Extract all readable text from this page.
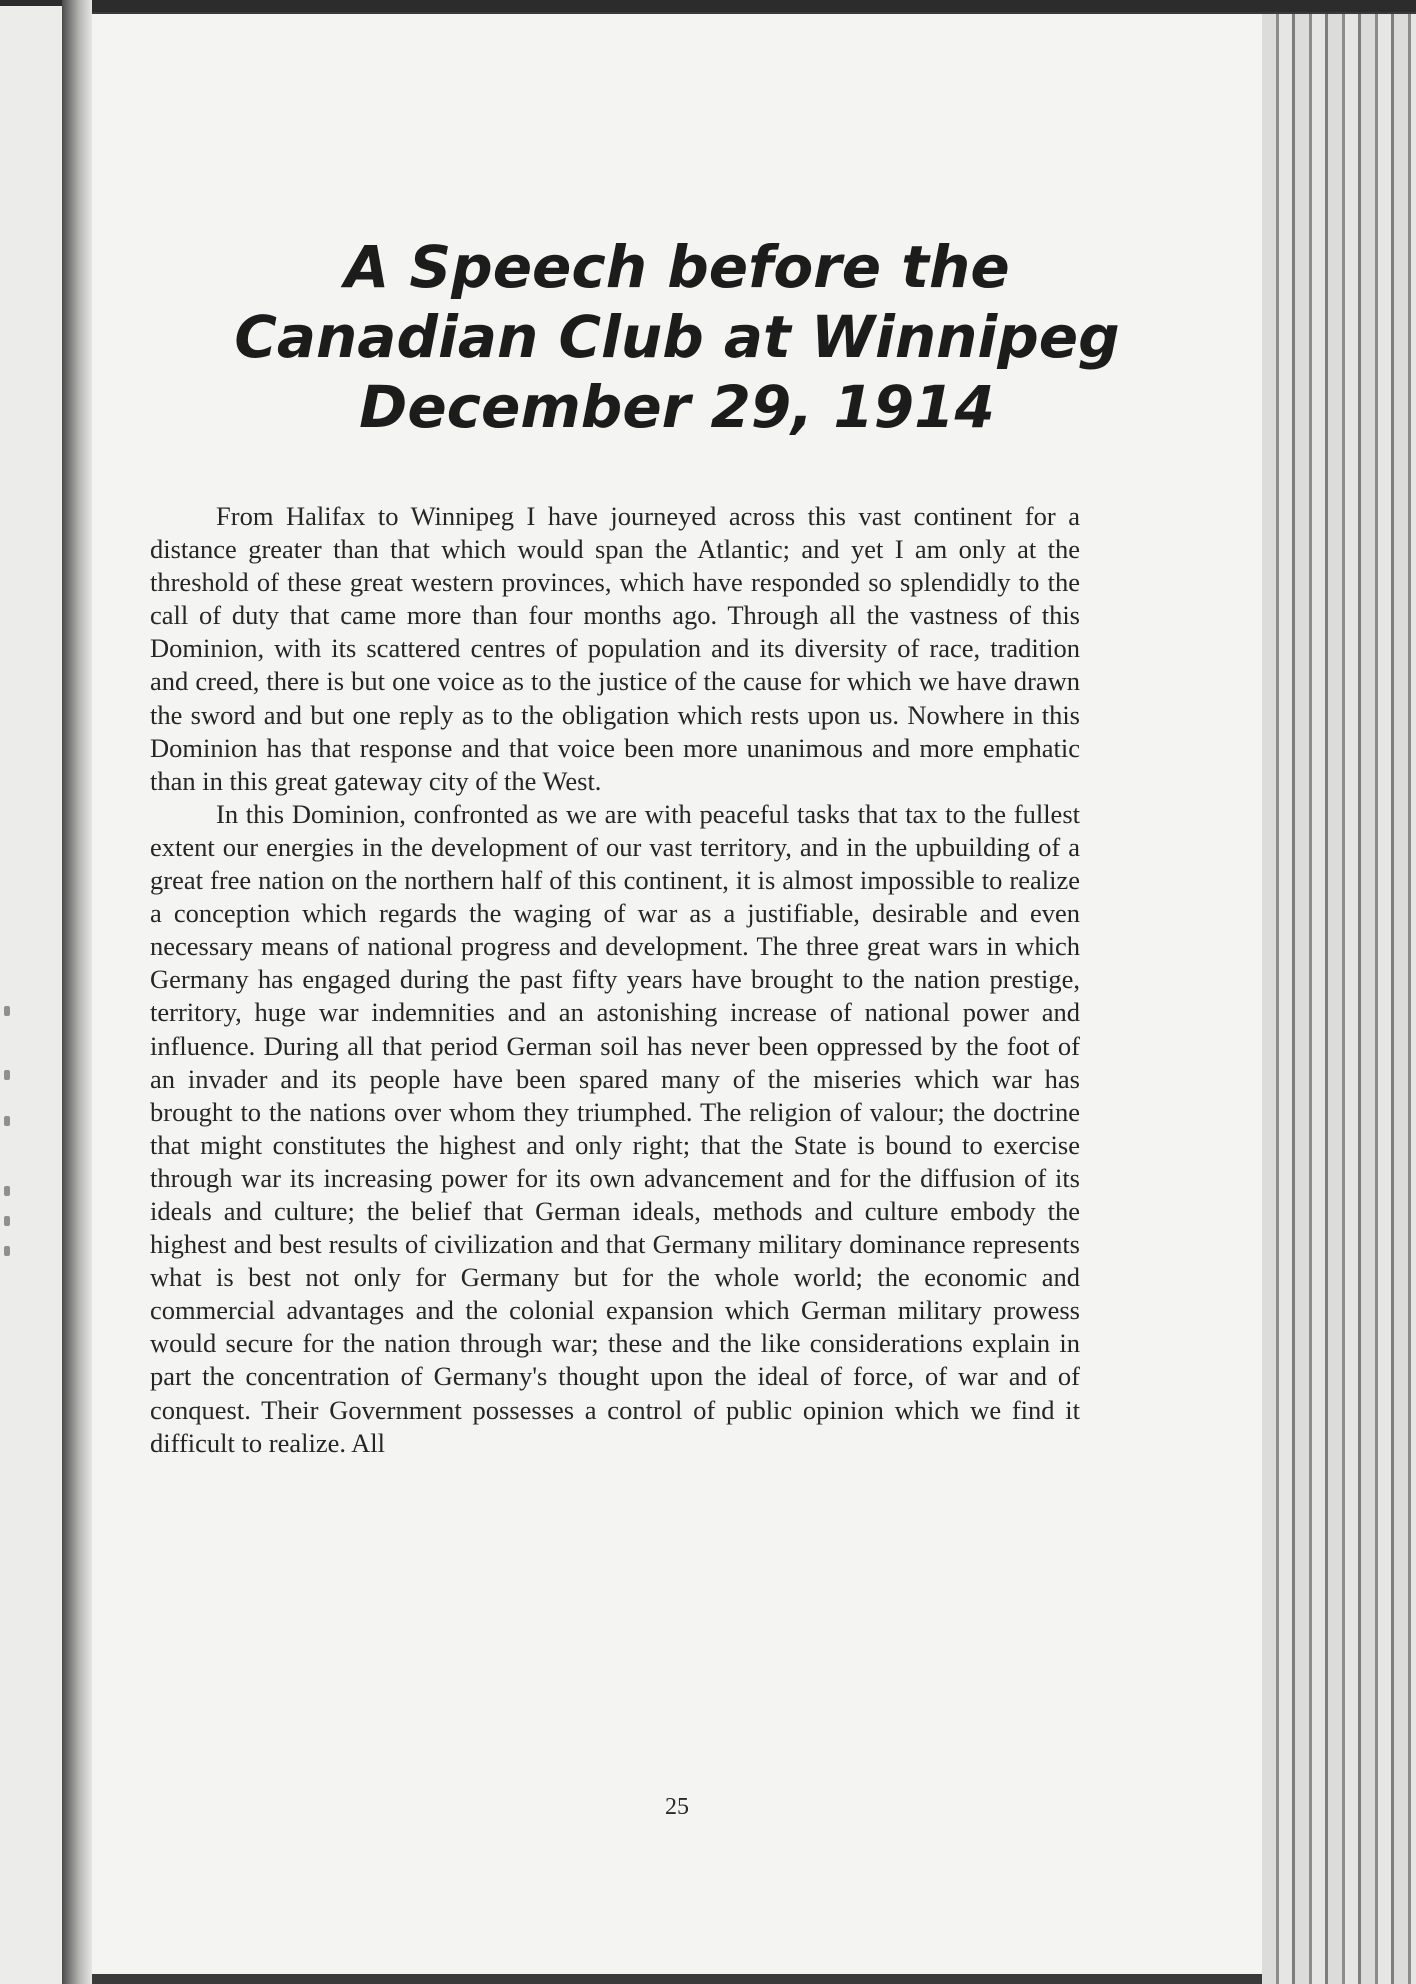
A Speech before the
Canadian Club at Winnipeg
December 29, 1914

From Halifax to Winnipeg I have journeyed across this vast continent for a distance greater than that which would span the Atlantic; and yet I am only at the threshold of these great western provinces, which have responded so splendidly to the call of duty that came more than four months ago. Through all the vastness of this Dominion, with its scattered centres of population and its diversity of race, tradition and creed, there is but one voice as to the justice of the cause for which we have drawn the sword and but one reply as to the obligation which rests upon us. Nowhere in this Dominion has that response and that voice been more unanimous and more emphatic than in this great gateway city of the West.

In this Dominion, confronted as we are with peaceful tasks that tax to the fullest extent our energies in the development of our vast territory, and in the upbuilding of a great free nation on the northern half of this continent, it is almost impossible to realize a conception which regards the waging of war as a justifiable, desirable and even necessary means of national progress and development. The three great wars in which Germany has engaged during the past fifty years have brought to the nation prestige, territory, huge war indemnities and an astonishing increase of national power and influence. During all that period German soil has never been oppressed by the foot of an invader and its people have been spared many of the miseries which war has brought to the nations over whom they triumphed. The religion of valour; the doctrine that might constitutes the highest and only right; that the State is bound to exercise through war its increasing power for its own advancement and for the diffusion of its ideals and culture; the belief that German ideals, methods and culture embody the highest and best results of civilization and that Germany military dominance represents what is best not only for Germany but for the whole world; the economic and commercial advantages and the colonial expansion which German military prowess would secure for the nation through war; these and the like considerations explain in part the concentration of Germany's thought upon the ideal of force, of war and of conquest. Their Government possesses a control of public opinion which we find it difficult to realize. All

25
